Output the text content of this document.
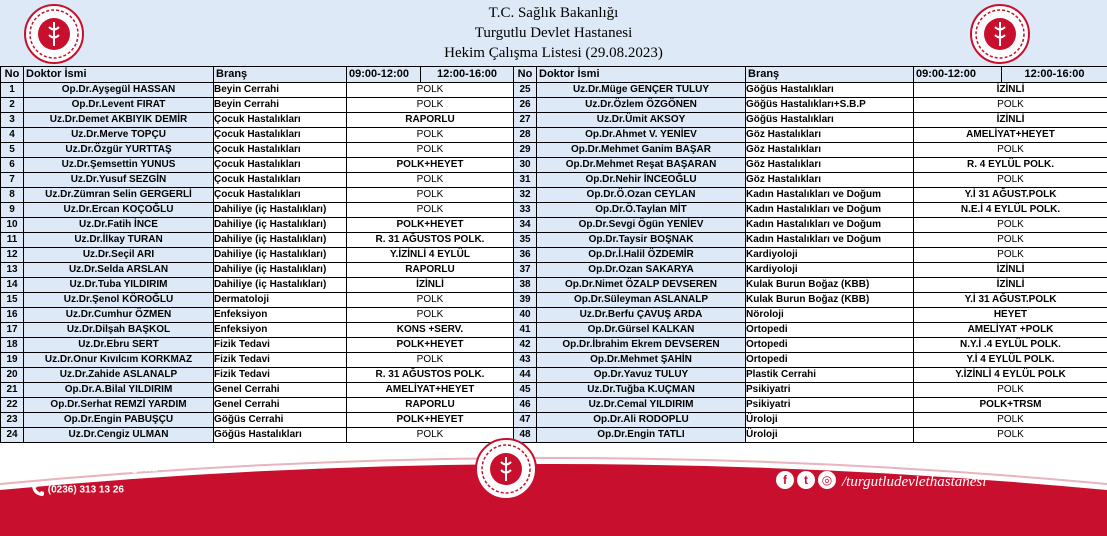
T.C. Sağlık Bakanlığı
Turgutlu Devlet Hastanesi
Hekim Çalışma Listesi (29.08.2023)
No	Doktor İsmi	Branş	09:00-12:00	12:00-16:00	No	Doktor İsmi	Branş	09:00-12:00	12:00-16:00
1	Op.Dr.Ayşegül HASSAN	Beyin Cerrahi	POLK		25	Uz.Dr.Müge GENÇER TULUY	Göğüs Hastalıkları	İZİNLİ	
2	Op.Dr.Levent FIRAT	Beyin Cerrahi	POLK		26	Uz.Dr.Özlem ÖZGÖNEN	Göğüs Hastalıkları+S.B.P	POLK	
3	Uz.Dr.Demet AKBIYIK DEMİR	Çocuk Hastalıkları	RAPORLU		27	Uz.Dr.Ümit AKSOY	Göğüs Hastalıkları	İZİNLİ	
4	Uz.Dr.Merve TOPÇU	Çocuk Hastalıkları	POLK		28	Op.Dr.Ahmet V. YENİEV	Göz Hastalıkları	AMELİYAT+HEYET	
5	Uz.Dr.Özgür YURTTAŞ	Çocuk Hastalıkları	POLK		29	Op.Dr.Mehmet Ganim BAŞAR	Göz Hastalıkları	POLK	
6	Uz.Dr.Şemsettin YUNUS	Çocuk Hastalıkları	POLK+HEYET		30	Op.Dr.Mehmet Reşat BAŞARAN	Göz Hastalıkları	R. 4 EYLÜL POLK.	
7	Uz.Dr.Yusuf SEZGİN	Çocuk Hastalıkları	POLK		31	Op.Dr.Nehir İNCEOĞLU	Göz Hastalıkları	POLK	
8	Uz.Dr.Zümran Selin GERGERLİ	Çocuk Hastalıkları	POLK		32	Op.Dr.Ö.Ozan CEYLAN	Kadın Hastalıkları ve Doğum	Y.İ 31 AĞUST.POLK	
9	Uz.Dr.Ercan KOÇOĞLU	Dahiliye (iç Hastalıkları)	POLK		33	Op.Dr.Ö.Taylan MİT	Kadın Hastalıkları ve Doğum	N.E.İ 4 EYLÜL POLK.	
10	Uz.Dr.Fatih İNCE	Dahiliye (iç Hastalıkları)	POLK+HEYET		34	Op.Dr.Sevgi Ögün YENİEV	Kadın Hastalıkları ve Doğum	POLK	
11	Uz.Dr.İlkay TURAN	Dahiliye (iç Hastalıkları)	R. 31 AĞUSTOS POLK.		35	Op.Dr.Taysir BOŞNAK	Kadın Hastalıkları ve Doğum	POLK	
12	Uz.Dr.Seçil ARI	Dahiliye (iç Hastalıkları)	Y.İZİNLİ 4 EYLÜL		36	Op.Dr.İ.Halil ÖZDEMİR	Kardiyoloji	POLK	
13	Uz.Dr.Selda ARSLAN	Dahiliye (iç Hastalıkları)	RAPORLU		37	Op.Dr.Ozan SAKARYA	Kardiyoloji	İZİNLİ	
14	Uz.Dr.Tuba YILDIRIM	Dahiliye (iç Hastalıkları)	İZİNLİ		38	Op.Dr.Nimet ÖZALP DEVSEREN	Kulak Burun Boğaz (KBB)	İZİNLİ	
15	Uz.Dr.Şenol KÖROĞLU	Dermatoloji	POLK		39	Op.Dr.Süleyman ASLANALP	Kulak Burun Boğaz (KBB)	Y.İ 31 AĞUST.POLK	
16	Uz.Dr.Cumhur ÖZMEN	Enfeksiyon	POLK		40	Uz.Dr.Berfu ÇAVUŞ ARDA	Nöroloji	HEYET	
17	Uz.Dr.Dilşah BAŞKOL	Enfeksiyon	KONS +SERV.		41	Op.Dr.Gürsel KALKAN	Ortopedi	AMELİYAT +POLK	
18	Uz.Dr.Ebru SERT	Fizik Tedavi	POLK+HEYET		42	Op.Dr.İbrahim Ekrem DEVSEREN	Ortopedi	N.Y.İ .4 EYLÜL POLK.	
19	Uz.Dr.Onur Kıvılcım KORKMAZ	Fizik Tedavi	POLK		43	Op.Dr.Mehmet ŞAHİN	Ortopedi	Y.İ 4 EYLÜL POLK.	
20	Uz.Dr.Zahide ASLANALP	Fizik Tedavi	R. 31 AĞUSTOS POLK.		44	Op.Dr.Yavuz TULUY	Plastik Cerrahi	Y.İZİNLİ 4 EYLÜL POLK	
21	Op.Dr.A.Bilal YILDIRIM	Genel Cerrahi	AMELİYAT+HEYET		45	Uz.Dr.Tuğba K.UÇMAN	Psikiyatri	POLK	
22	Op.Dr.Serhat REMZİ YARDIM	Genel Cerrahi	RAPORLU		46	Uz.Dr.Cemal YILDIRIM	Psikiyatri	POLK+TRSM	
23	Op.Dr.Engin PABUŞÇU	Göğüs Cerrahi	POLK+HEYET		47	Op.Dr.Ali RODOPLU	Üroloji	POLK	
24	Uz.Dr.Cengiz ULMAN	Göğüs Hastalıkları	POLK		48	Op.Dr.Engin TATLI	Üroloji	POLK	
turgutludh.saglik.gov.tr
(0236) 313 13 26
f t ◎ /turgutludevlethastanesi
